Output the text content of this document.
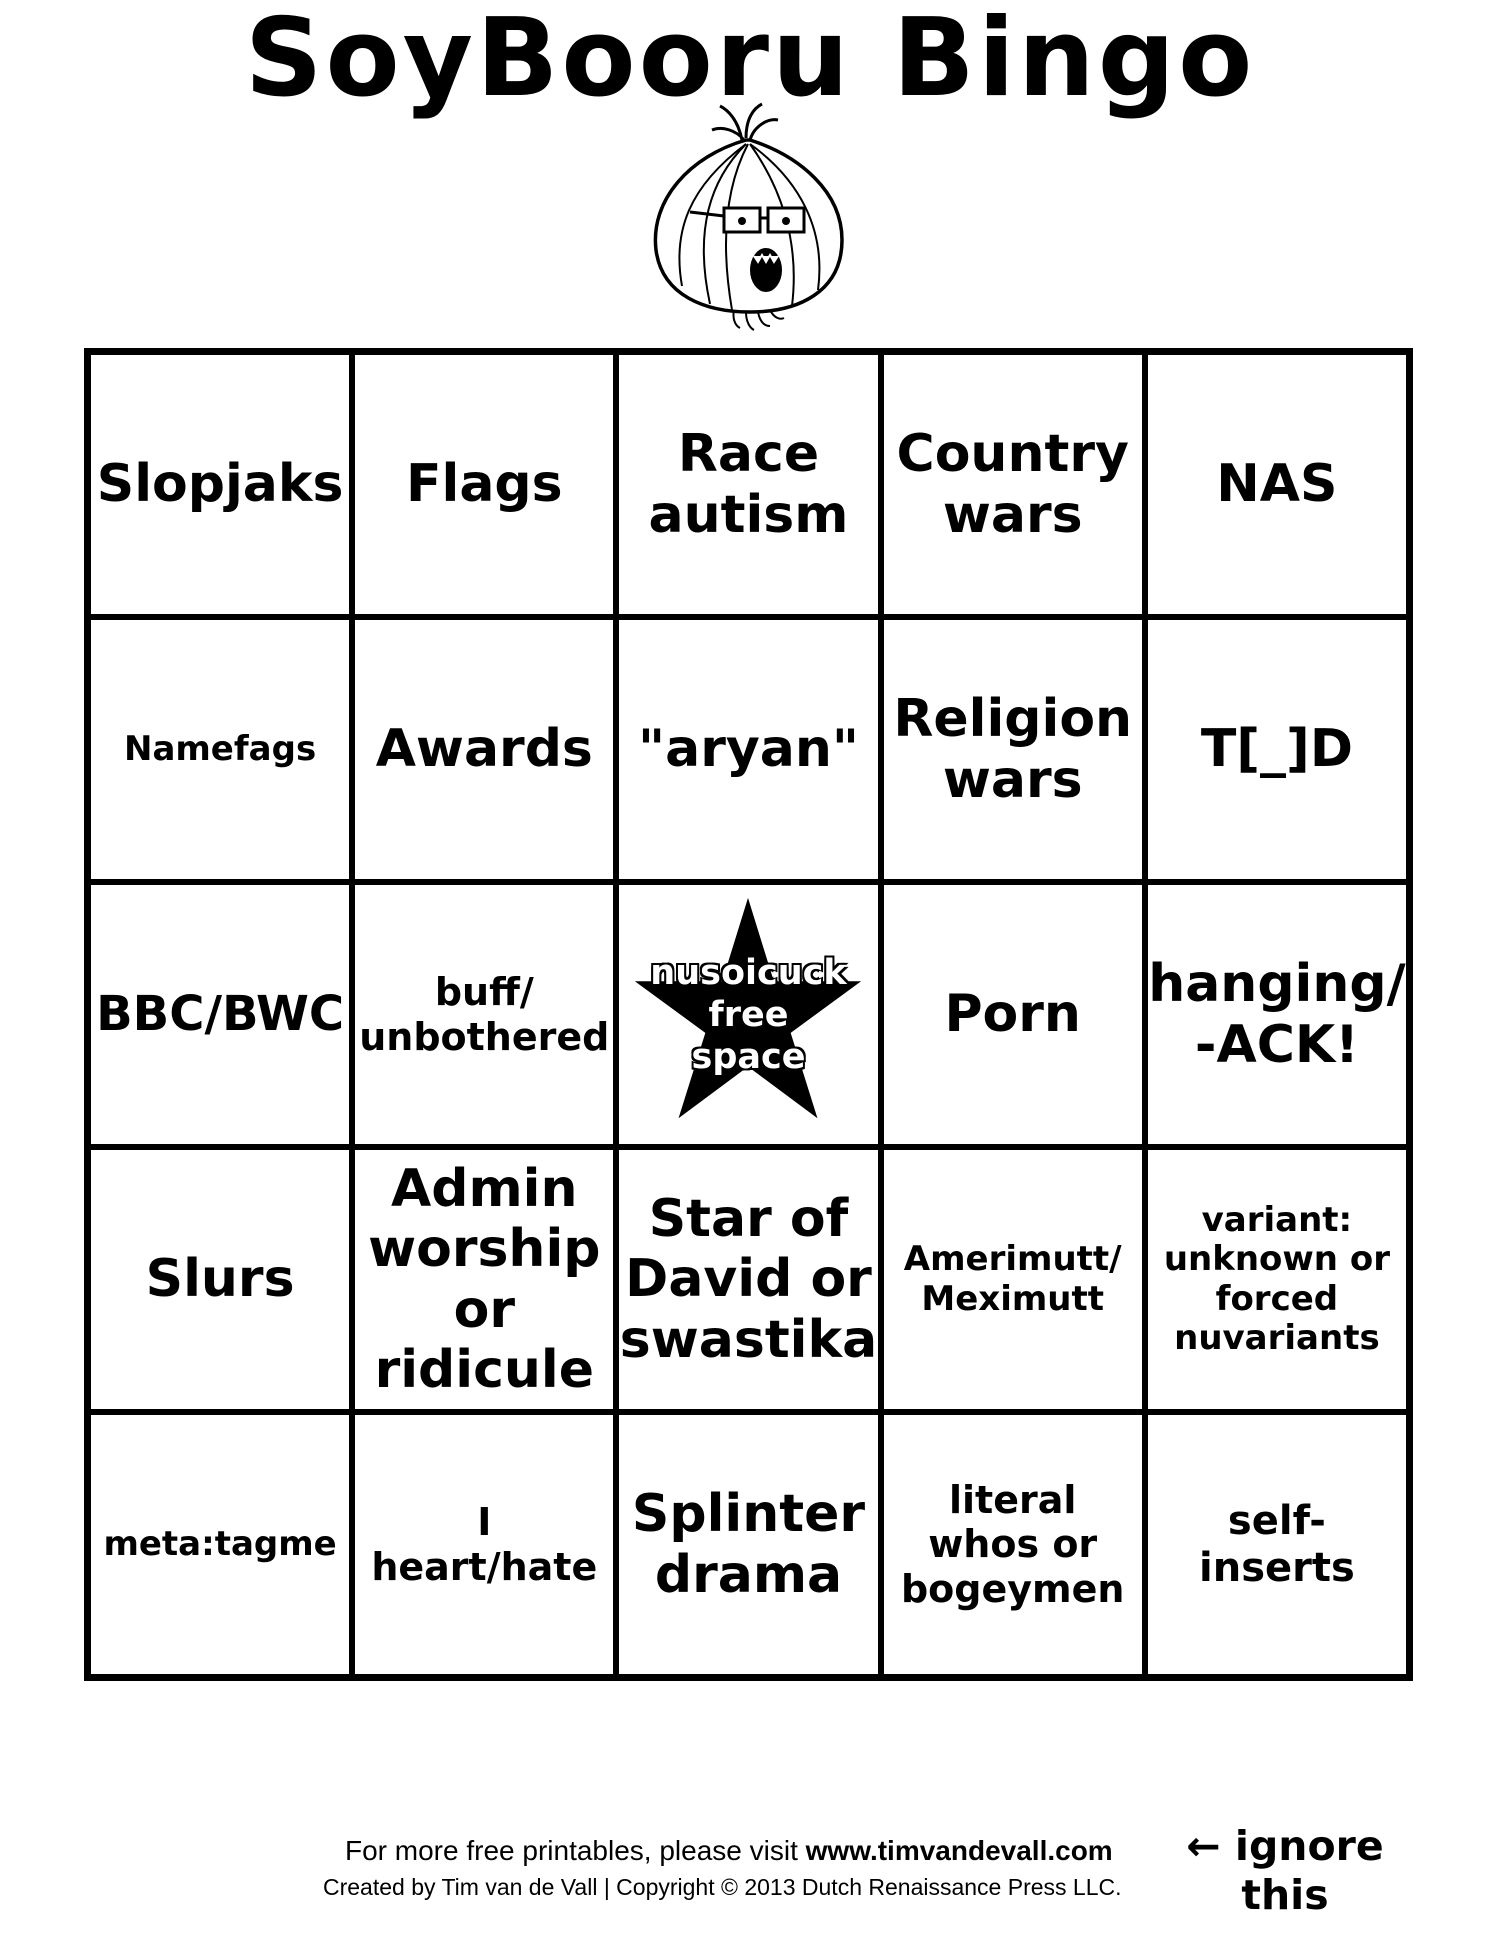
SoyBooru Bingo
Slopjaks Flags
Race autism
Country wars
NAS
Namefags Awards "aryan"
Religion wars
T[_]D
BBC/BWC	buff/ unbothered
nusoicuck
free
space
Porn
hanging/ -ACK!
Slurs
Admin worship or ridicule
Star of David or swastika
Amerimutt/ Meximutt
variant: unknown or forced nuvariants
meta:tagme	I heart/hate
Splinter drama
literal whos or bogeymen
self-inserts
For more free printables, please visit www.timvandevall.com
Created by Tim van de Vall | Copyright © 2013 Dutch Renaissance Press LLC.
← ignore
this
